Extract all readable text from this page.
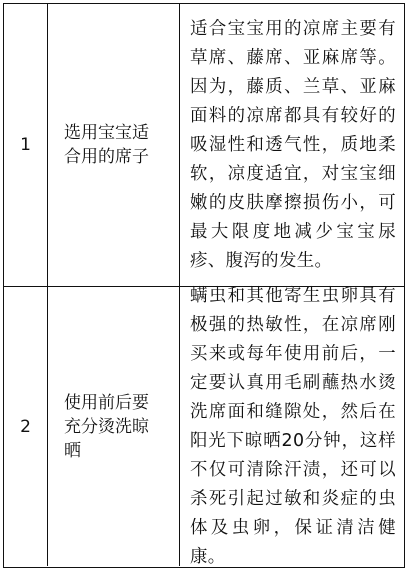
1
选用宝宝适合用的席子
适合宝宝用的凉席主要有草席、藤席、亚麻席等。因为，藤质、兰草、亚麻面料的凉席都具有较好的吸湿性和透气性，质地柔软，凉度适宜，对宝宝细嫩的皮肤摩擦损伤小，可最大限度地减少宝宝尿疹、腹泻的发生。
2
使用前后要充分烫洗晾晒
螨虫和其他寄生虫卵具有极强的热敏性，在凉席刚买来或每年使用前后，一定要认真用毛刷蘸热水烫洗席面和缝隙处，然后在阳光下晾晒20分钟，这样不仅可清除汗渍，还可以杀死引起过敏和炎症的虫体及虫卵，保证清洁健康。
